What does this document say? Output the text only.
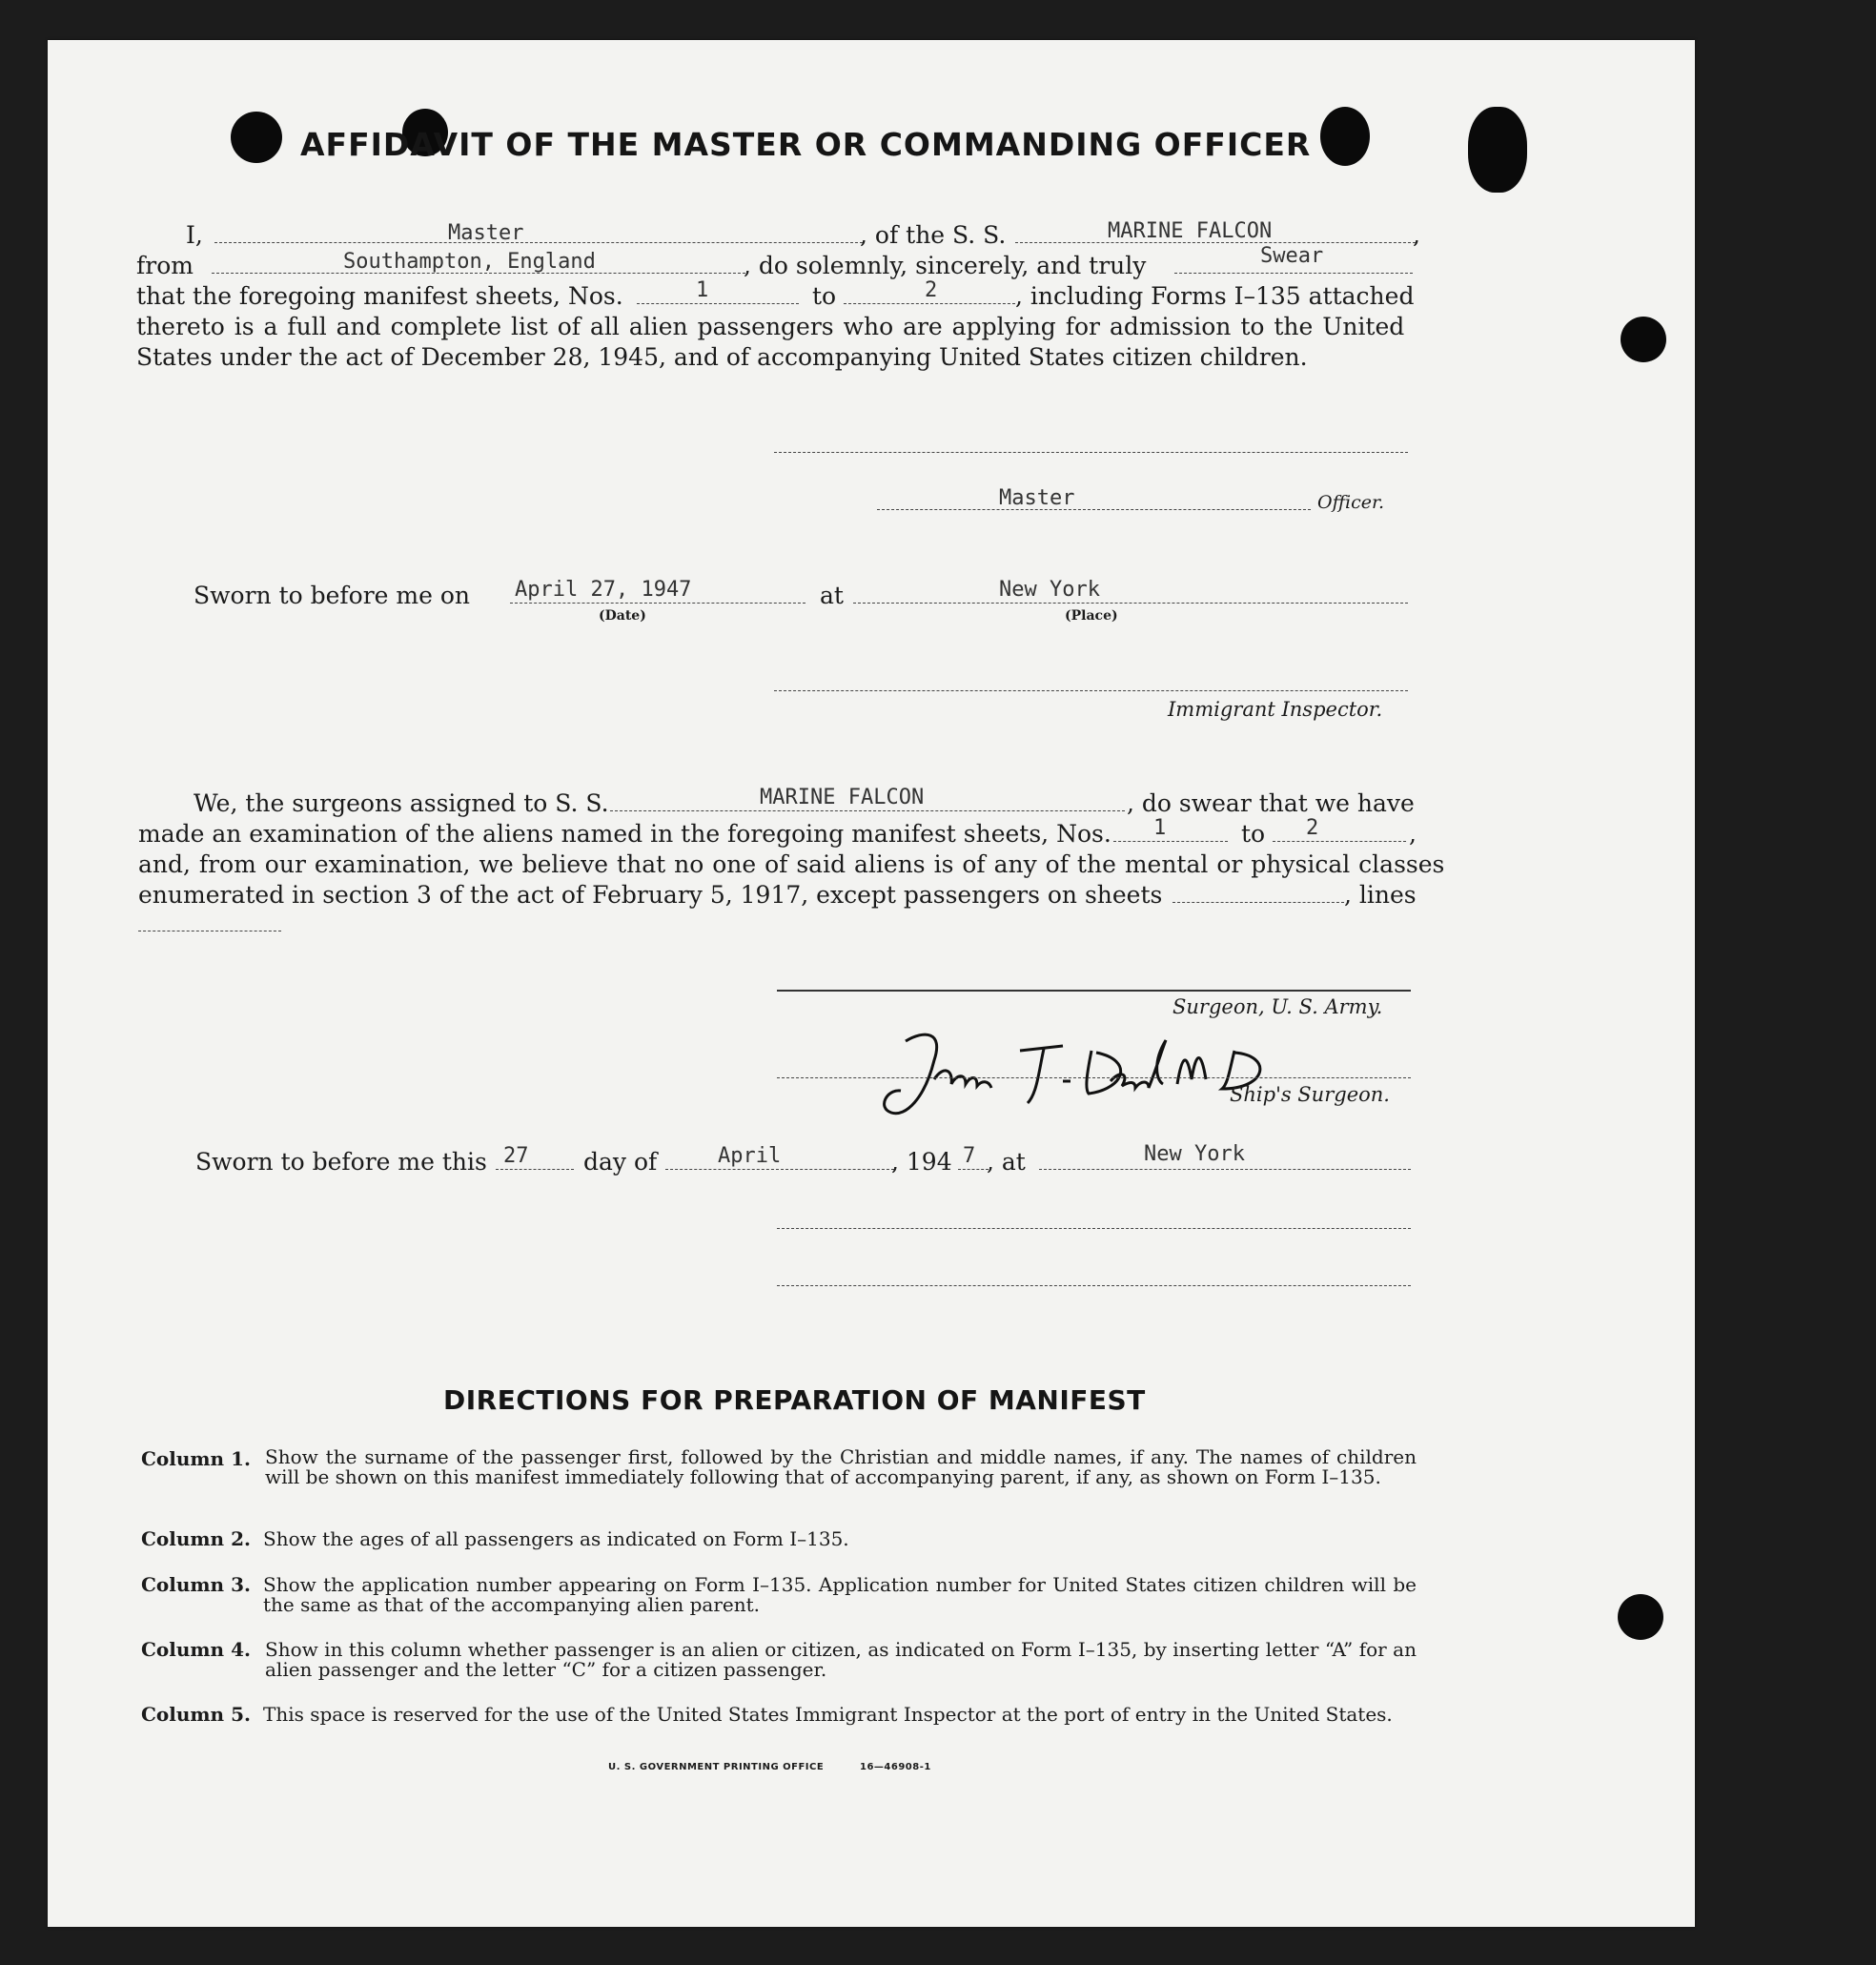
AFFIDAVIT OF THE MASTER OR COMMANDING OFFICER
I,	Master	, of the S. S.	MARINE FALCON	,
from	Southampton, England	, do solemnly, sincerely, and truly	Swear
that the foregoing manifest sheets, Nos.	1	to	2	, including Forms I–135 attached
thereto is a full and complete list of all alien passengers who are applying for admission to the United
States under the act of December 28, 1945, and of accompanying United States citizen children.
Master	Officer.
Sworn to before me on April 27, 1947
(Date)
at	New York
(Place)
Immigrant Inspector.
We, the surgeons assigned to S. S.	MARINE FALCON	, do swear that we have
made an examination of the aliens named in the foregoing manifest sheets, Nos. 1	to 2	,
and, from our examination, we believe that no one of said aliens is of any of the mental or physical classes
enumerated in section 3 of the act of February 5, 1917, except passengers on sheets	, lines
Surgeon, U. S. Army.
Ship's Surgeon.
Sworn to before me this 27 day of	April	, 194 7 , at	New York
DIRECTIONS FOR PREPARATION OF MANIFEST
Column 1. Show the surname of the passenger first, followed by the Christian and middle names, if any. The names of children will be shown on this manifest immediately following that of accompanying parent, if any, as shown on Form I–135.
Column 2. Show the ages of all passengers as indicated on Form I–135.
Column 3. Show the application number appearing on Form I–135. Application number for United States citizen children will be the same as that of the accompanying alien parent.
Column 4. Show in this column whether passenger is an alien or citizen, as indicated on Form I–135, by inserting letter “A” for an alien passenger and the letter “C” for a citizen passenger.
Column 5. This space is reserved for the use of the United States Immigrant Inspector at the port of entry in the United States.
U. S. GOVERNMENT PRINTING OFFICE	16—46908-1
